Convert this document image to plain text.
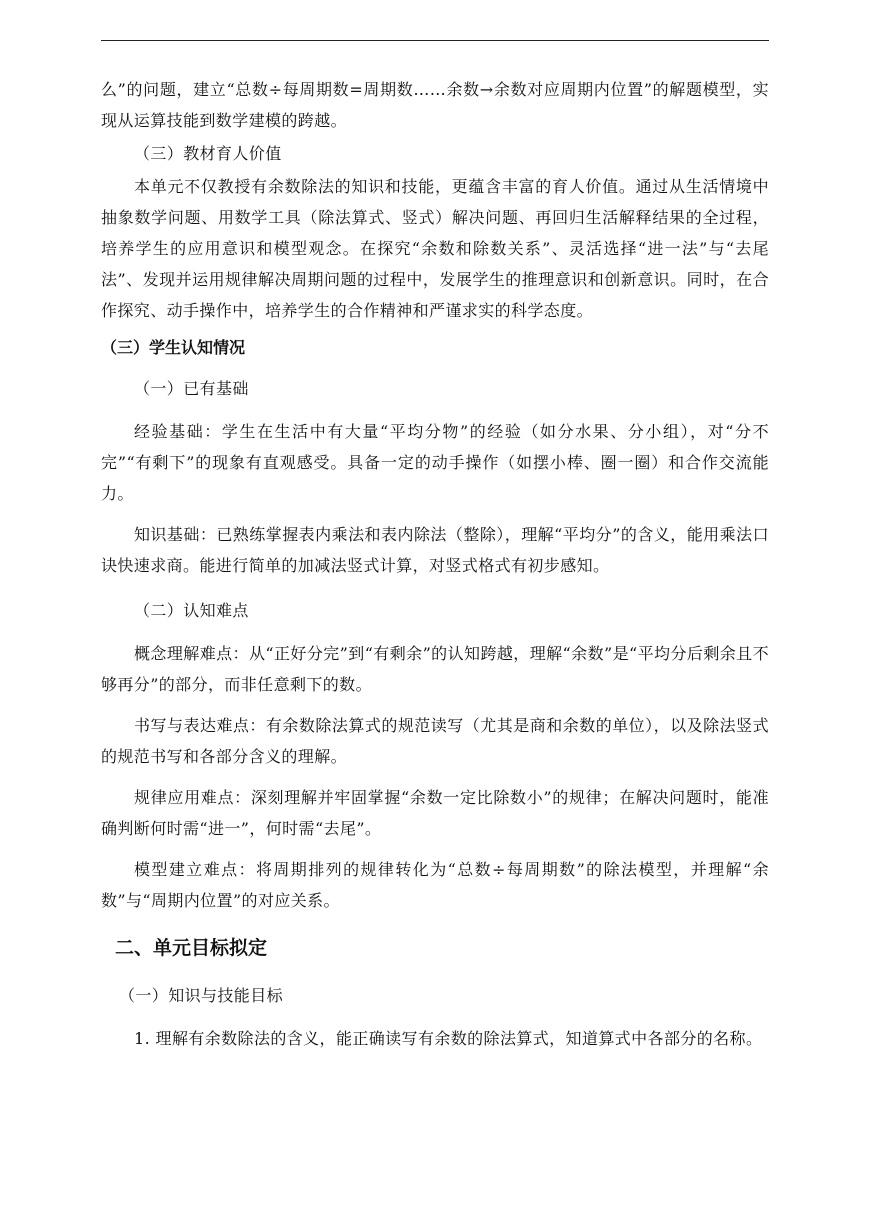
么”的问题，建立“总数÷每周期数=周期数……余数→余数对应周期内位置”的解题模型，实现从运算技能到数学建模的跨越。

（三）教材育人价值

本单元不仅教授有余数除法的知识和技能，更蕴含丰富的育人价值。通过从生活情境中抽象数学问题、用数学工具（除法算式、竖式）解决问题、再回归生活解释结果的全过程，培养学生的应用意识和模型观念。在探究“余数和除数关系”、灵活选择“进一法”与“去尾法”、发现并运用规律解决周期问题的过程中，发展学生的推理意识和创新意识。同时，在合作探究、动手操作中，培养学生的合作精神和严谨求实的科学态度。

（三）学生认知情况

（一）已有基础

经验基础：学生在生活中有大量“平均分物”的经验（如分水果、分小组），对“分不完”“有剩下”的现象有直观感受。具备一定的动手操作（如摆小棒、圈一圈）和合作交流能力。

知识基础：已熟练掌握表内乘法和表内除法（整除），理解“平均分”的含义，能用乘法口诀快速求商。能进行简单的加减法竖式计算，对竖式格式有初步感知。

（二）认知难点

概念理解难点：从“正好分完”到“有剩余”的认知跨越，理解“余数”是“平均分后剩余且不够再分”的部分，而非任意剩下的数。

书写与表达难点：有余数除法算式的规范读写（尤其是商和余数的单位），以及除法竖式的规范书写和各部分含义的理解。

规律应用难点：深刻理解并牢固掌握“余数一定比除数小”的规律；在解决问题时，能准确判断何时需“进一”，何时需“去尾”。

模型建立难点：将周期排列的规律转化为“总数÷每周期数”的除法模型，并理解“余数”与“周期内位置”的对应关系。

二、单元目标拟定

（一）知识与技能目标

1. 理解有余数除法的含义，能正确读写有余数的除法算式，知道算式中各部分的名称。
